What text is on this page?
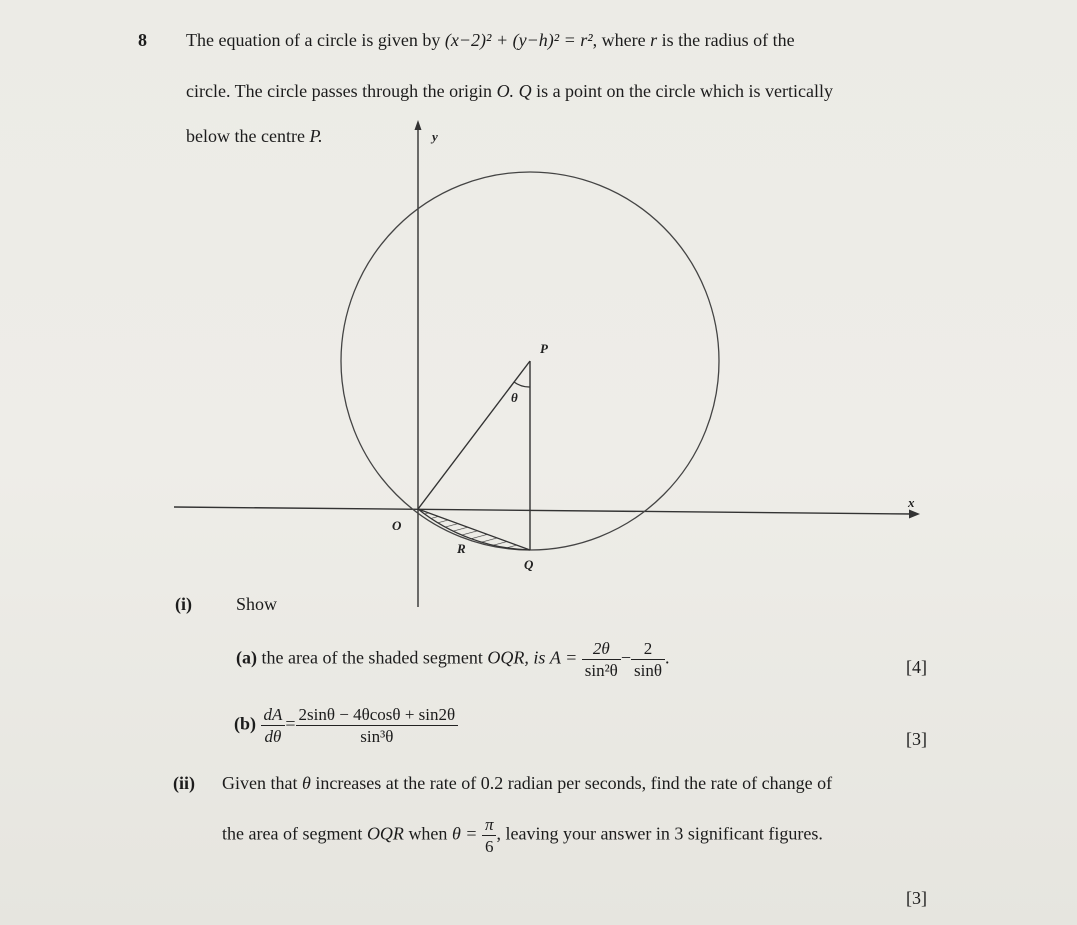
8 The equation of a circle is given by (x−2)² + (y−h)² = r², where r is the radius of the
circle. The circle passes through the origin O. Q is a point on the circle which is vertically
below the centre P.	y
x
O
P
Q
R
θ
(i) Show
(a) the area of the shaded segment OQR, is $A = \frac{2\theta}{\text{sin²θ}} - \frac{2}{\sin\theta}$ .	[4]
$(b) \frac{dA}{d\theta} = \frac{2\sin\theta - 4\theta\cos\theta + \sin 2\theta}{\text{sin³θ}}$	[3]
(ii) Given that θ increases at the rate of 0.2 radian per seconds, find the rate of change of
the area of segment OQR when $\theta = \frac{\pi}{6}$ , leaving your answer in 3 significant figures.
[3]
